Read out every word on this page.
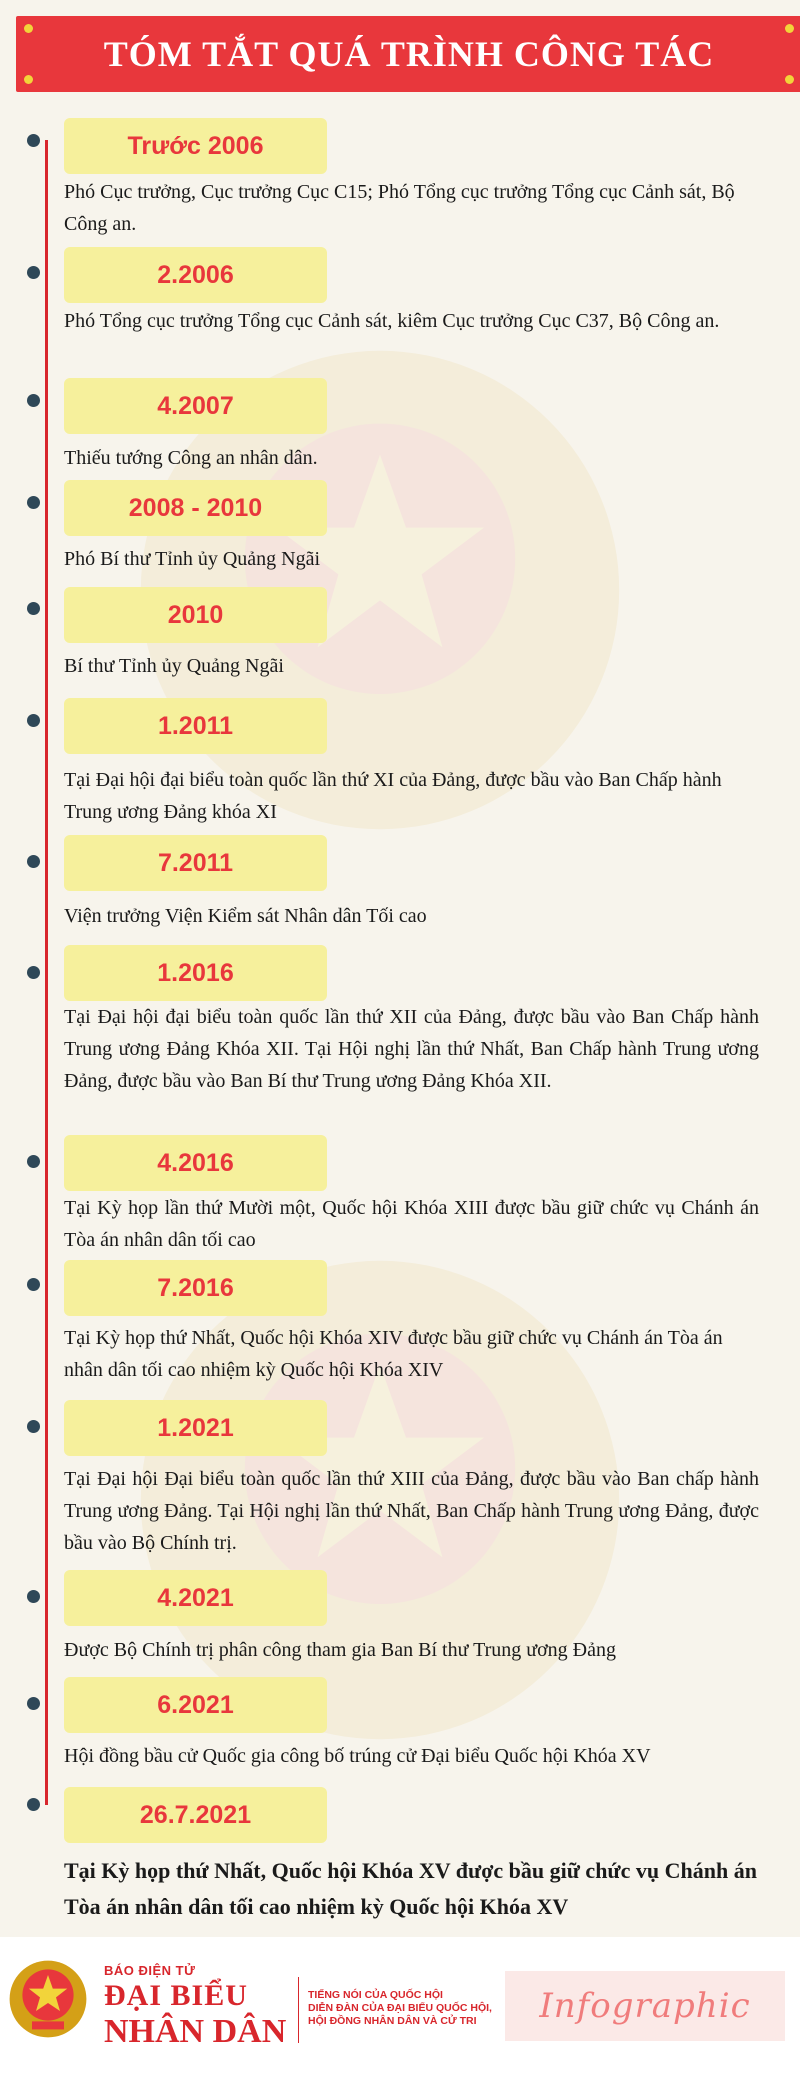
TÓM TẮT QUÁ TRÌNH CÔNG TÁC
Trước 2006
Phó Cục trưởng, Cục trưởng Cục C15; Phó Tổng cục trưởng Tổng cục Cảnh sát, Bộ Công an.
2.2006
Phó Tổng cục trưởng Tổng cục Cảnh sát, kiêm Cục trưởng Cục C37, Bộ Công an.
4.2007
Thiếu tướng Công an nhân dân.
2008 - 2010
Phó Bí thư Tỉnh ủy Quảng Ngãi
2010
Bí thư Tỉnh ủy Quảng Ngãi
1.2011
Tại Đại hội đại biểu toàn quốc lần thứ XI của Đảng, được bầu vào Ban Chấp hành Trung ương Đảng khóa XI
7.2011
Viện trưởng Viện Kiểm sát Nhân dân Tối cao
1.2016
Tại Đại hội đại biểu toàn quốc lần thứ XII của Đảng, được bầu vào Ban Chấp hành Trung ương Đảng Khóa XII. Tại Hội nghị lần thứ Nhất, Ban Chấp hành Trung ương Đảng, được bầu vào Ban Bí thư Trung ương Đảng Khóa XII.
4.2016
Tại Kỳ họp lần thứ Mười một, Quốc hội Khóa XIII được bầu giữ chức vụ Chánh án Tòa án nhân dân tối cao
7.2016
Tại Kỳ họp thứ Nhất, Quốc hội Khóa XIV được bầu giữ chức vụ Chánh án Tòa án nhân dân tối cao nhiệm kỳ Quốc hội Khóa XIV
1.2021
Tại Đại hội Đại biểu toàn quốc lần thứ XIII của Đảng, được bầu vào Ban chấp hành Trung ương Đảng. Tại Hội nghị lần thứ Nhất, Ban Chấp hành Trung ương Đảng, được bầu vào Bộ Chính trị.
4.2021
Được Bộ Chính trị phân công tham gia Ban Bí thư Trung ương Đảng
6.2021
Hội đồng bầu cử Quốc gia công bố trúng cử Đại biểu Quốc hội Khóa XV
26.7.2021
Tại Kỳ họp thứ Nhất, Quốc hội Khóa XV được bầu giữ chức vụ Chánh án Tòa án nhân dân tối cao nhiệm kỳ Quốc hội Khóa XV
BÁO ĐIỆN TỬ
ĐẠI BIỂU
NHÂN DÂN
TIẾNG NÓI CỦA QUỐC HỘI
DIỄN ĐÀN CỦA ĐẠI BIỂU QUỐC HỘI,
HỘI ĐỒNG NHÂN DÂN VÀ CỬ TRI	Infographic
